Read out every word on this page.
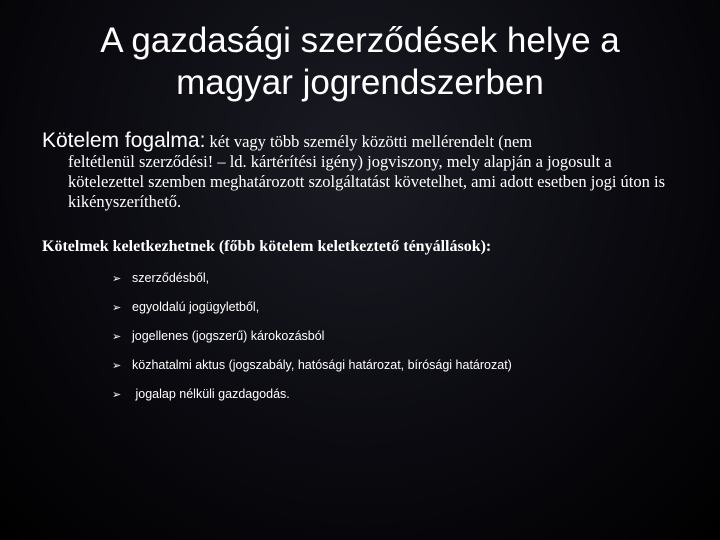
A gazdasági szerződések helye a
magyar jogrendszerben
Kötelem fogalma: két vagy több személy közötti mellérendelt (nem
feltétlenül szerződési! – ld. kártérítési igény) jogviszony, mely alapján a jogosult a kötelezettel szemben meghatározott szolgáltatást követelhet, ami adott esetben jogi úton is kikényszeríthető.
Kötelmek keletkezhetnek (főbb kötelem keletkeztető tényállások):
➢ szerződésből,
➢ egyoldalú jogügyletből,
➢ jogellenes (jogszerű) károkozásból
➢ közhatalmi aktus (jogszabály, hatósági határozat, bírósági határozat)
➢ jogalap nélküli gazdagodás.
